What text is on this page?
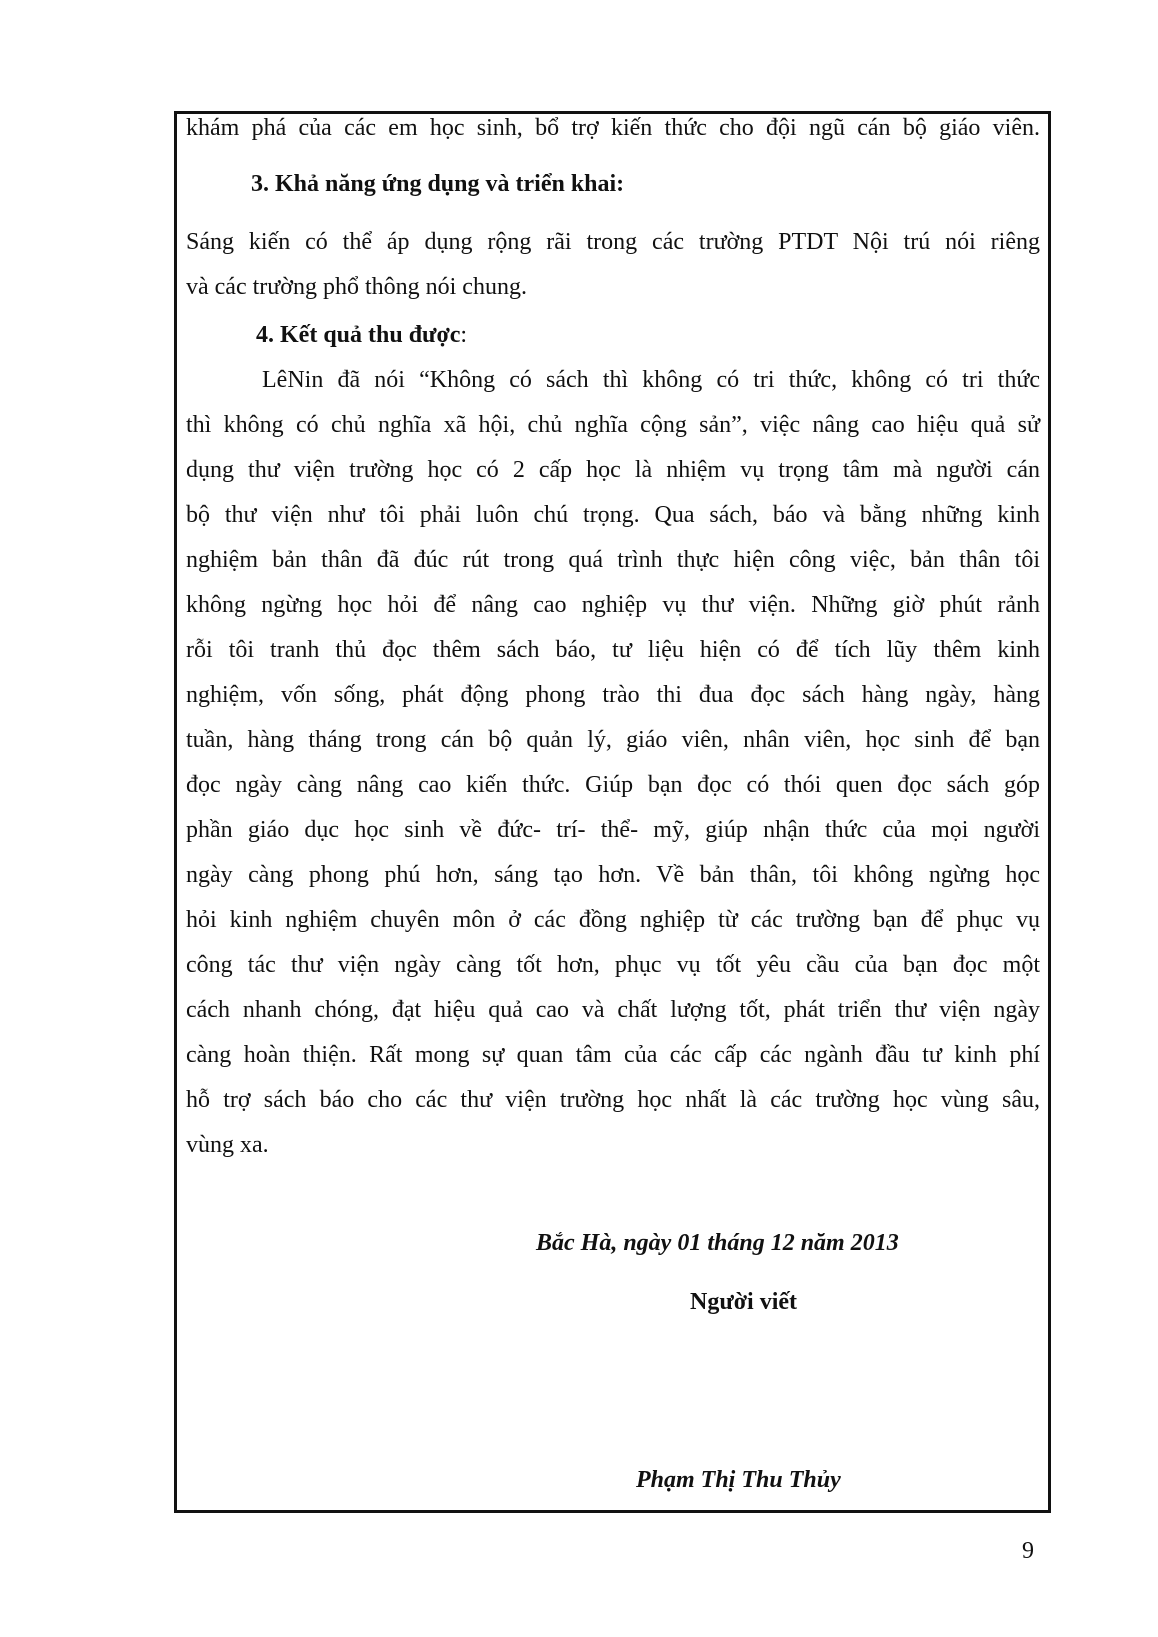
khám phá của các em học sinh, bổ trợ kiến thức cho đội ngũ cán bộ giáo viên.
3. Khả năng ứng dụng và triển khai:
Sáng kiến có thể áp dụng rộng rãi trong các trường PTDT Nội trú nói riêng
và các trường phổ thông nói chung.
4. Kết quả thu được:
LêNin đã nói “Không có sách thì không có tri thức, không có tri thức
thì không có chủ nghĩa xã hội, chủ nghĩa cộng sản”, việc nâng cao hiệu quả sử
dụng thư viện trường học có 2 cấp học là nhiệm vụ trọng tâm mà người cán
bộ thư viện như tôi phải luôn chú trọng. Qua sách, báo và bằng những kinh
nghiệm bản thân đã đúc rút trong quá trình thực hiện công việc, bản thân tôi
không ngừng học hỏi để nâng cao nghiệp vụ thư viện. Những giờ phút rảnh
rỗi tôi tranh thủ đọc thêm sách báo, tư liệu hiện có để tích lũy thêm kinh
nghiệm, vốn sống, phát động phong trào thi đua đọc sách hàng ngày, hàng
tuần, hàng tháng trong cán bộ quản lý, giáo viên, nhân viên, học sinh để bạn
đọc ngày càng nâng cao kiến thức. Giúp bạn đọc có thói quen đọc sách góp
phần giáo dục học sinh về đức- trí- thể- mỹ, giúp nhận thức của mọi người
ngày càng phong phú hơn, sáng tạo hơn. Về bản thân, tôi không ngừng học
hỏi kinh nghiệm chuyên môn ở các đồng nghiệp từ các trường bạn để phục vụ
công tác thư viện ngày càng tốt hơn, phục vụ tốt yêu cầu của bạn đọc một
cách nhanh chóng, đạt hiệu quả cao và chất lượng tốt, phát triển thư viện ngày
càng hoàn thiện. Rất mong sự quan tâm của các cấp các ngành đầu tư kinh phí
hỗ trợ sách báo cho các thư viện trường học nhất là các trường học vùng sâu,
vùng xa.
Bắc Hà, ngày 01 tháng 12 năm 2013
Người viết
Phạm Thị Thu Thủy
9
